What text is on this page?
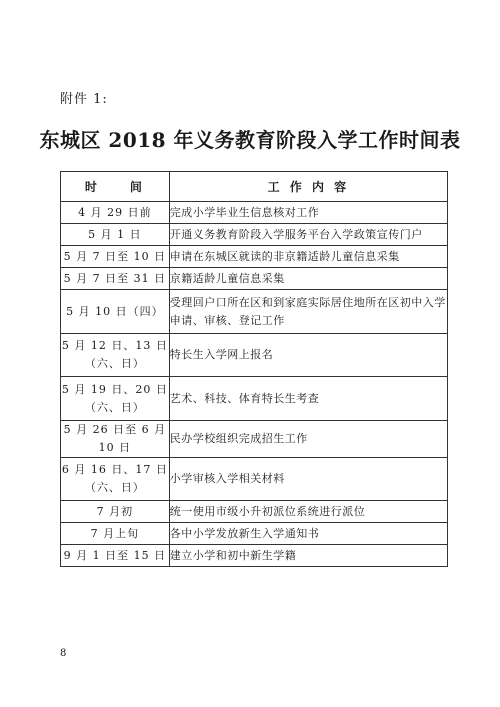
附件 1:
东城区 2018 年义务教育阶段入学工作时间表
时　　间	工 作 内 容
4 月 29 日前	完成小学毕业生信息核对工作
5 月 1 日	开通义务教育阶段入学服务平台入学政策宣传门户
5 月 7 日至 10 日	申请在东城区就读的非京籍适龄儿童信息采集
5 月 7 日至 31 日	京籍适龄儿童信息采集
5 月 10 日（四）	受理回户口所在区和到家庭实际居住地所在区初中入学申请、审核、登记工作
5 月 12 日、13 日
（六、日）	特长生入学网上报名
5 月 19 日、20 日
（六、日）	艺术、科技、体育特长生考查
5 月 26 日至 6 月 10 日	民办学校组织完成招生工作
6 月 16 日、17 日
（六、日）	小学审核入学相关材料
7 月初	统一使用市级小升初派位系统进行派位
7 月上旬	各中小学发放新生入学通知书
9 月 1 日至 15 日	建立小学和初中新生学籍
8
